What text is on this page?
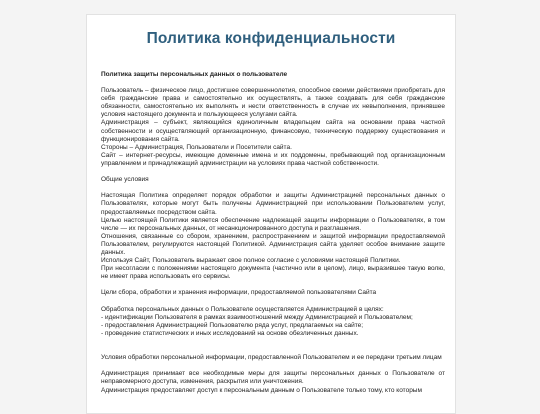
Политика конфиденциальности

Политика защиты персональных данных о пользователе

Пользователь – физическое лицо, достигшее совершеннолетия, способное своими действиями приобретать для себя гражданские права и самостоятельно их осуществлять, а также создавать для себя гражданские обязанности, самостоятельно их выполнять и нести ответственность в случае их невыполнения, принявшее условия настоящего документа и пользующееся услугами сайта.

Администрация – субъект, являющийся единоличным владельцем сайта на основании права частной собственности и осуществляющий организационную, финансовую, техническую поддержку существования и функционирования сайта.

Стороны – Администрация, Пользователи и Посетители сайта.

Сайт – интернет-ресурсы, имеющие доменные имена и их поддомены, пребывающий под организационным управлением и принадлежащий администрации на условиях права частной собственности.

Общие условия

Настоящая Политика определяет порядок обработки и защиты Администрацией персональных данных о Пользователях, которые могут быть получены Администрацией при использовании Пользователем услуг, предоставляемых посредством сайта.

Целью настоящей Политики является обеспечение надлежащей защиты информации о Пользователях, в том числе — их персональных данных, от несанкционированного доступа и разглашения.

Отношения, связанные со сбором, хранением, распространением и защитой информации предоставляемой Пользователем, регулируются настоящей Политикой. Администрация сайта уделяет особое внимание защите данных.

Используя Сайт, Пользователь выражает свое полное согласие с условиями настоящей Политики.

При несогласии с положениями настоящего документа (частично или в целом), лицо, выразившее такую волю, не имеет права использовать его сервисы.

Цели сбора, обработки и хранения информации, предоставляемой пользователями Сайта

Обработка персональных данных о Пользователе осуществляется Администрацией в целях:

- идентификации Пользователя в рамках взаимоотношений между Администрацией и Пользователем;

- предоставления Администрацией Пользователю ряда услуг, предлагаемых на сайте;

- проведение статистических и иных исследований на основе обезличенных данных.

Условия обработки персональной информации, предоставленной Пользователем и ее передачи третьим лицам

Администрация принимает все необходимые меры для защиты персональных данных о Пользователе от неправомерного доступа, изменения, раскрытия или уничтожения.

Администрация предоставляет доступ к персональным данным о Пользователе только тому, кто которым
